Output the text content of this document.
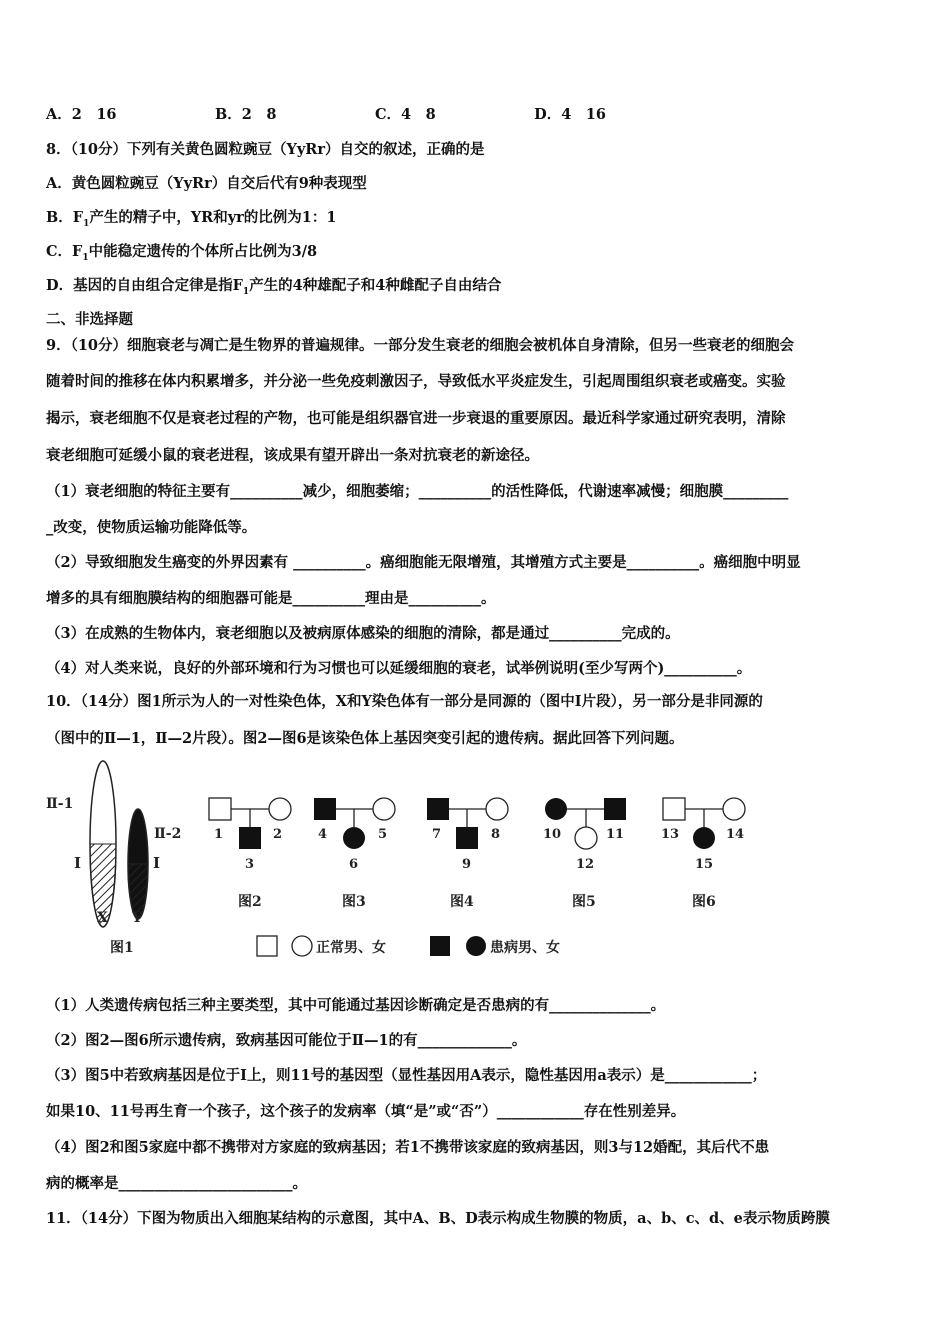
A．2　16	B．2　8	C．4　8	D．4　16
8．（10分）下列有关黄色圆粒豌豆（YyRr）自交的叙述，正确的是
A．黄色圆粒豌豆（YyRr）自交后代有9种表现型
B．$F_1$产生的精子中，YR和yr的比例为1：1
C．$F_1$中能稳定遗传的个体所占比例为3/8
D．基因的自由组合定律是指$F_1$产生的4种雄配子和4种雌配子自由结合
二、非选择题
9．（10分）细胞衰老与凋亡是生物界的普遍规律。一部分发生衰老的细胞会被机体自身清除，但另一些衰老的细胞会
随着时间的推移在体内积累增多，并分泌一些免疫刺激因子，导致低水平炎症发生，引起周围组织衰老或癌变。实验
揭示，衰老细胞不仅是衰老过程的产物，也可能是组织器官进一步衰退的重要原因。最近科学家通过研究表明，清除
衰老细胞可延缓小鼠的衰老进程，该成果有望开辟出一条对抗衰老的新途径。
（1）衰老细胞的特征主要有__________减少，细胞萎缩；__________的活性降低，代谢速率减慢；细胞膜_________
_改变，使物质运输功能降低等。
（2）导致细胞发生癌变的外界因素有 __________。癌细胞能无限增殖，其增殖方式主要是__________。癌细胞中明显
增多的具有细胞膜结构的细胞器可能是__________理由是__________。
（3）在成熟的生物体内，衰老细胞以及被病原体感染的细胞的清除，都是通过__________完成的。
（4）对人类来说，良好的外部环境和行为习惯也可以延缓细胞的衰老，试举例说明(至少写两个)__________。
10．（14分）图1所示为人的一对性染色体，X和Y染色体有一部分是同源的（图中Ⅰ片段），另一部分是非同源的
（图中的Ⅱ—1，Ⅱ—2片段）。图2—图6是该染色体上基因突变引起的遗传病。据此回答下列问题。
Ⅱ-1
Ⅰ
Ⅱ-2
Ⅰ
X Y
图1
1	2
3
图2
4	5
6
图3
7	8
9
图4
10	11
12
图5
13	14
15
图6
正常男、女	患病男、女
（1）人类遗传病包括三种主要类型，其中可能通过基因诊断确定是否患病的有______________。
（2）图2—图6所示遗传病，致病基因可能位于Ⅱ—1的有_____________。
（3）图5中若致病基因是位于Ⅰ上，则11号的基因型（显性基因用A表示，隐性基因用a表示）是____________；
如果10、11号再生育一个孩子，这个孩子的发病率（填“是”或“否”）____________存在性别差异。
（4）图2和图5家庭中都不携带对方家庭的致病基因；若1不携带该家庭的致病基因，则3与12婚配，其后代不患
病的概率是________________________。
11．（14分）下图为物质出入细胞某结构的示意图，其中A、B、D表示构成生物膜的物质，a、b、c、d、e表示物质跨膜
